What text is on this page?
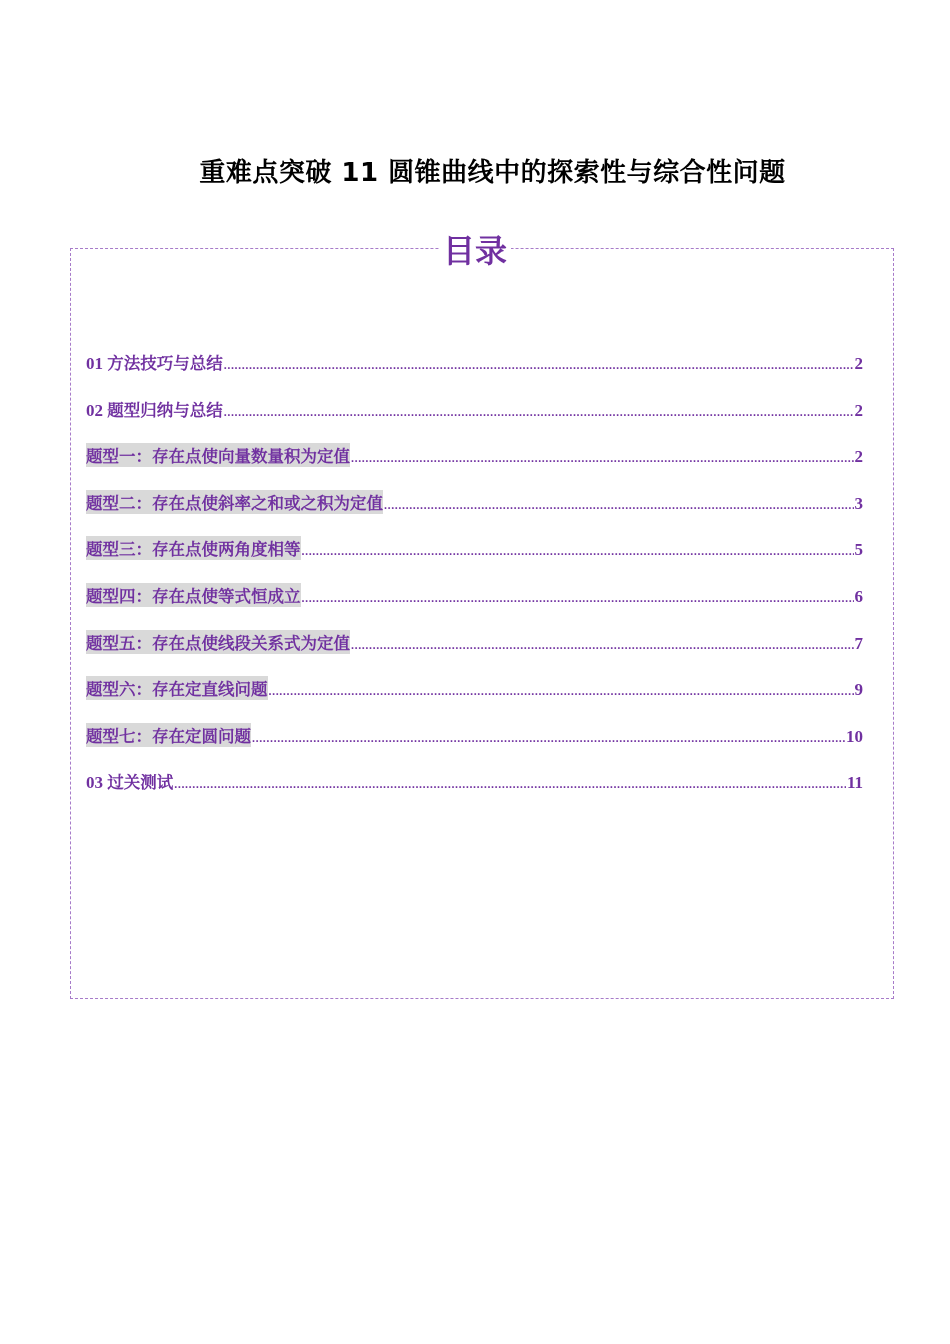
重难点突破 11 圆锥曲线中的探索性与综合性问题
目录
01 方法技巧与总结 .....	2
02 题型归纳与总结 .....	2
题型一：存在点使向量数量积为定值 .....	2
题型二：存在点使斜率之和或之积为定值 .....	3
题型三：存在点使两角度相等 .....	5
题型四：存在点使等式恒成立 .....	6
题型五：存在点使线段关系式为定值 .....	7
题型六：存在定直线问题 .....	9
题型七：存在定圆问题 .....	10
03 过关测试 .....	11
